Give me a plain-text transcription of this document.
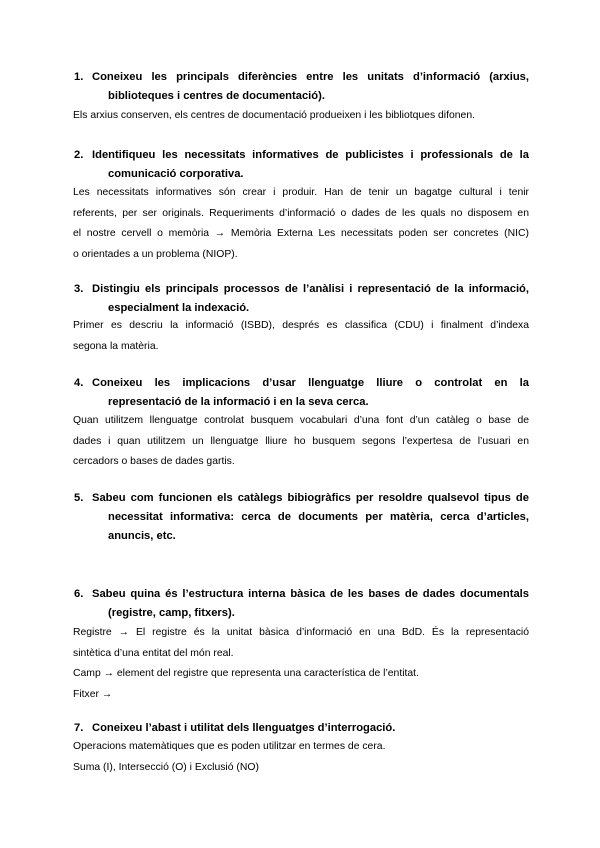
1. Coneixeu les principals diferències entre les unitats d’informació (arxius,
biblioteques i centres de documentació).
Els arxius conserven, els centres de documentació produeixen i les bibliotques difonen.
2. Identifiqueu les necessitats informatives de publicistes i professionals de la
comunicació corporativa.
Les necessitats informatives són crear i produir. Han de tenir un bagatge cultural i tenir
referents, per ser originals. Requeriments d’informació o dades de les quals no disposem en
el nostre cervell o memòria → Memòria Externa Les necessitats poden ser concretes (NIC)
o orientades a un problema (NIOP).
3. Distingiu els principals processos de l’anàlisi i representació de la informació,
especialment la indexació.
Primer es descriu la informació (ISBD), després es classifica (CDU) i finalment d’indexa
segona la matèria.
4. Coneixeu les implicacions d’usar llenguatge lliure o controlat en la
representació de la informació i en la seva cerca.
Quan utilitzem llenguatge controlat busquem vocabulari d’una font d’un catàleg o base de
dades i quan utilitzem un llenguatge lliure ho busquem segons l’expertesa de l’usuari en
cercadors o bases de dades gartis.
5. Sabeu com funcionen els catàlegs bibiogràfics per resoldre qualsevol tipus de
necessitat informativa: cerca de documents per matèria, cerca d’articles,
anuncis, etc.
6. Sabeu quina és l’estructura interna bàsica de les bases de dades documentals
(registre, camp, fitxers).
Registre → El registre és la unitat bàsica d’informació en una BdD. És la representació
sintètica d’una entitat del món real.
Camp → element del registre que representa una característica de l’entitat.
Fitxer →
7. Coneixeu l’abast i utilitat dels llenguatges d’interrogació.
Operacions matemàtiques que es poden utilitzar en termes de cera.
Suma (I), Intersecció (O) i Exclusió (NO)
